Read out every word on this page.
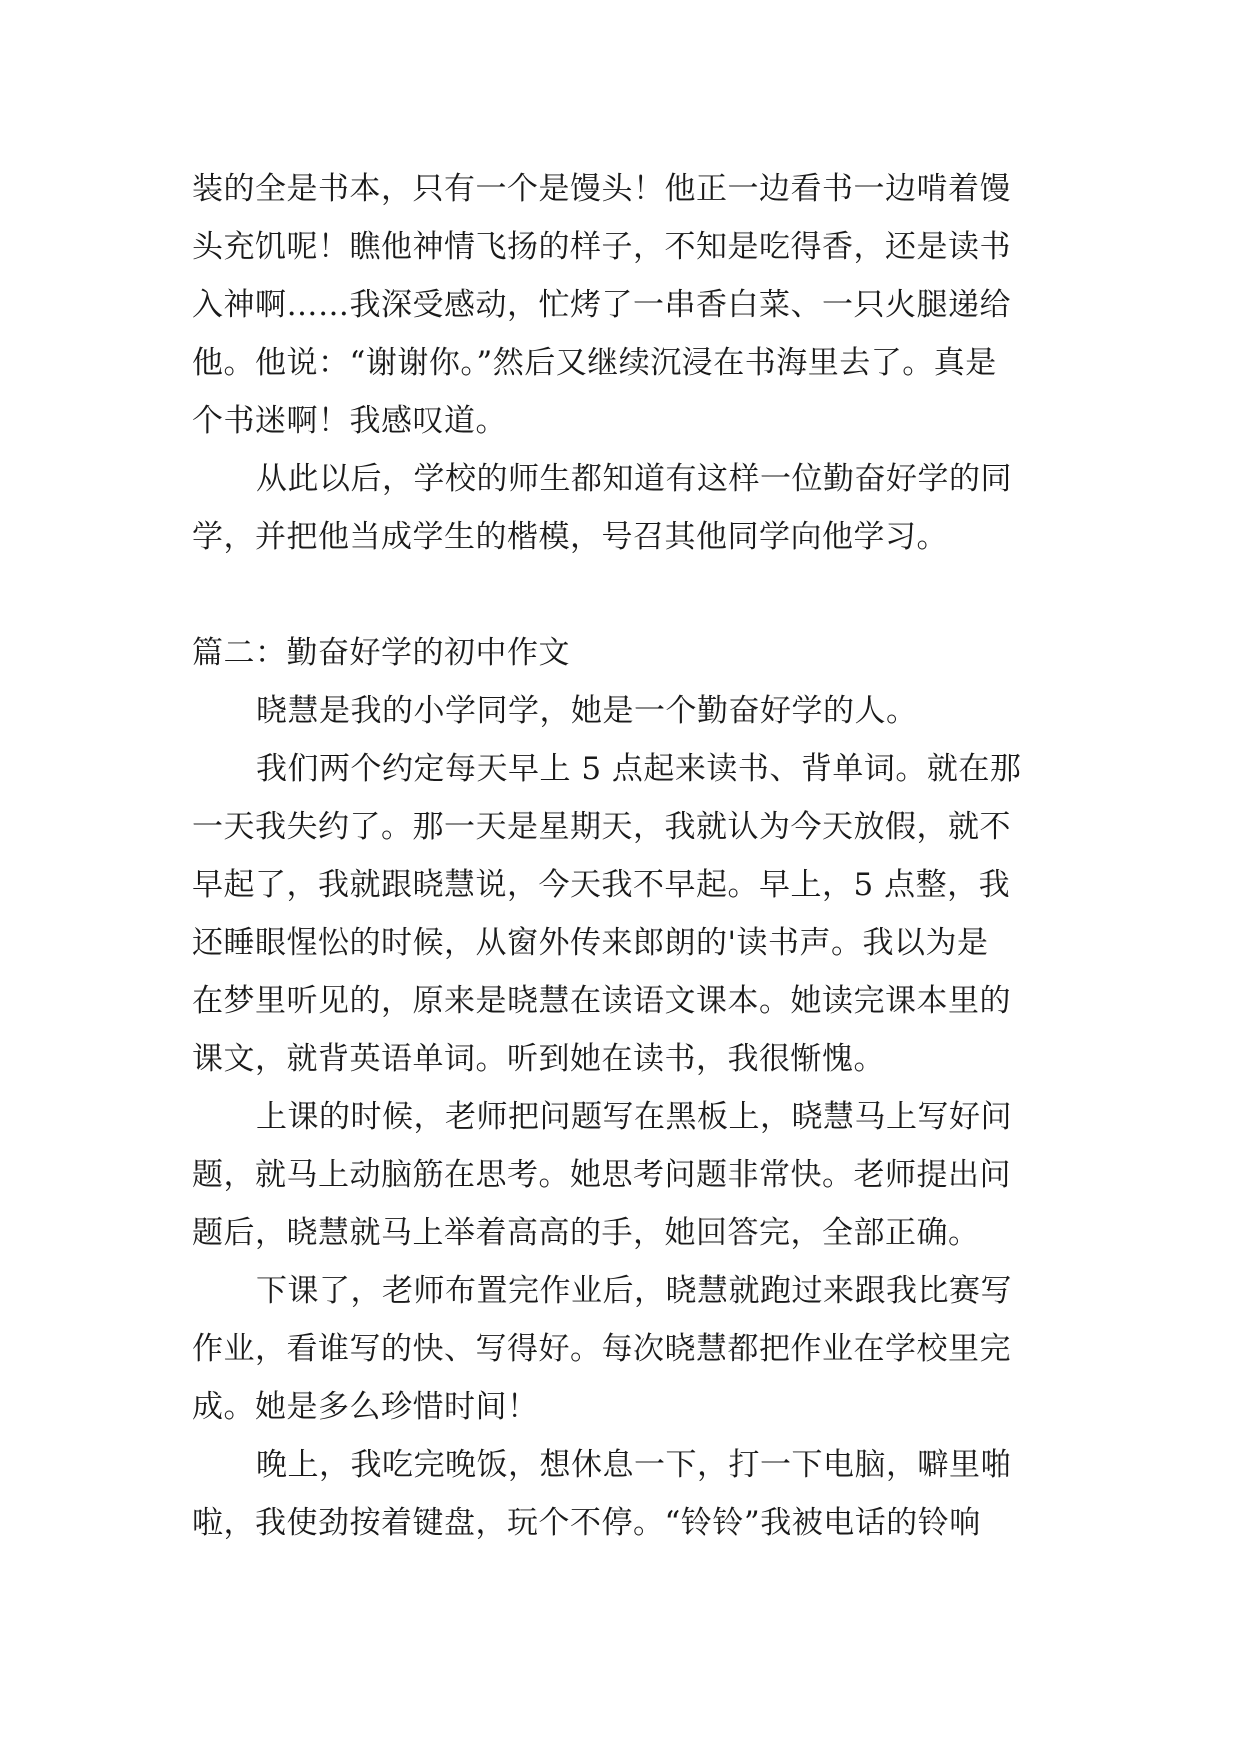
装的全是书本，只有一个是馒头！他正一边看书一边啃着馒
头充饥呢！瞧他神情飞扬的样子，不知是吃得香，还是读书
入神啊……我深受感动，忙烤了一串香白菜、一只火腿递给
他。他说：“谢谢你。”然后又继续沉浸在书海里去了。真是
个书迷啊！我感叹道。
从此以后，学校的师生都知道有这样一位勤奋好学的同
学，并把他当成学生的楷模，号召其他同学向他学习。
篇二：勤奋好学的初中作文
晓慧是我的小学同学，她是一个勤奋好学的人。
我们两个约定每天早上 5 点起来读书、背单词。就在那
一天我失约了。那一天是星期天，我就认为今天放假，就不
早起了，我就跟晓慧说，今天我不早起。早上，5 点整，我
还睡眼惺忪的时候，从窗外传来郎朗的'读书声。我以为是
在梦里听见的，原来是晓慧在读语文课本。她读完课本里的
课文，就背英语单词。听到她在读书，我很惭愧。
上课的时候，老师把问题写在黑板上，晓慧马上写好问
题，就马上动脑筋在思考。她思考问题非常快。老师提出问
题后，晓慧就马上举着高高的手，她回答完，全部正确。
下课了，老师布置完作业后，晓慧就跑过来跟我比赛写
作业，看谁写的快、写得好。每次晓慧都把作业在学校里完
成。她是多么珍惜时间！
晚上，我吃完晚饭，想休息一下，打一下电脑，噼里啪
啦，我使劲按着键盘，玩个不停。“铃铃”我被电话的铃响
